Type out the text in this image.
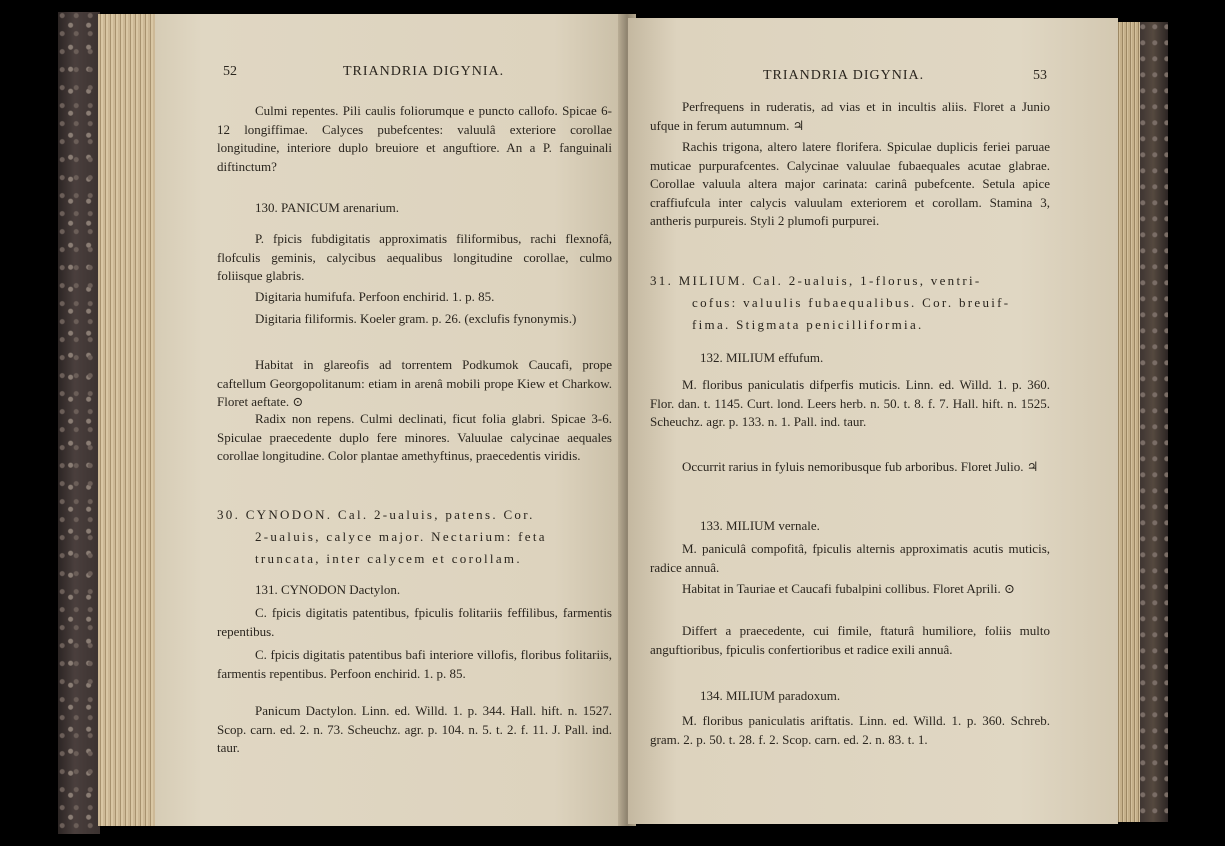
52	TRIANDRIA DIGYNIA.

Culmi repentes. Pili caulis foliorumque e puncto callofo. Spicae 6-12 longiffimae. Calyces pubefcentes: valuulâ exteriore corollae longitudine, interiore duplo breuiore et anguftiore. An a P. fanguinali diftinctum?

130. PANICUM arenarium.

P. fpicis fubdigitatis approximatis filiformibus, rachi flexnofâ, flofculis geminis, calycibus aequalibus longitudine corollae, culmo foliisque glabris.

Digitaria humifufa. Perfoon enchirid. 1. p. 85.

Digitaria filiformis. Koeler gram. p. 26. (exclufis fynonymis.)

Habitat in glareofis ad torrentem Podkumok Caucafi, prope caftellum Georgopolitanum: etiam in arenâ mobili prope Kiew et Charkow. Floret aeftate. ⊙

Radix non repens. Culmi declinati, ficut folia glabri. Spicae 3-6. Spiculae praecedente duplo fere minores. Valuulae calycinae aequales corollae longitudine. Color plantae amethyftinus, praecedentis viridis.

30. CYNODON. Cal. 2-ualuis, patens. Cor.
2-ualuis, calyce major. Nectarium: feta
truncata, inter calycem et corollam.

131. CYNODON Dactylon.

C. fpicis digitatis patentibus, fpiculis folitariis feffilibus, farmentis repentibus.

C. fpicis digitatis patentibus bafi interiore villofis, floribus folitariis, farmentis repentibus. Perfoon enchirid. 1. p. 85.

Panicum Dactylon. Linn. ed. Willd. 1. p. 344. Hall. hift. n. 1527. Scop. carn. ed. 2. n. 73. Scheuchz. agr. p. 104. n. 5. t. 2. f. 11. J. Pall. ind. taur.

TRIANDRIA DIGYNIA.	53

Perfrequens in ruderatis, ad vias et in incultis aliis. Floret a Junio ufque in ferum autumnum. ♃

Rachis trigona, altero latere florifera. Spiculae duplicis feriei paruae muticae purpurafcentes. Calycinae valuulae fubaequales acutae glabrae. Corollae valuula altera major carinata: carinâ pubefcente. Setula apice craffiufcula inter calycis valuulam exteriorem et corollam. Stamina 3, antheris purpureis. Styli 2 plumofi purpurei.

31. MILIUM. Cal. 2-ualuis, 1-florus, ventri-
cofus: valuulis fubaequalibus. Cor. breuif-
fima. Stigmata penicilliformia.

132. MILIUM effufum.

M. floribus paniculatis difperfis muticis. Linn. ed. Willd. 1. p. 360. Flor. dan. t. 1145. Curt. lond. Leers herb. n. 50. t. 8. f. 7. Hall. hift. n. 1525. Scheuchz. agr. p. 133. n. 1. Pall. ind. taur.

Occurrit rarius in fyluis nemoribusque fub arboribus. Floret Julio. ♃

133. MILIUM vernale.

M. paniculâ compofitâ, fpiculis alternis approximatis acutis muticis, radice annuâ.

Habitat in Tauriae et Caucafi fubalpini collibus. Floret Aprili. ⊙

Differt a praecedente, cui fimile, ftaturâ humiliore, foliis multo anguftioribus, fpiculis confertioribus et radice exili annuâ.

134. MILIUM paradoxum.

M. floribus paniculatis ariftatis. Linn. ed. Willd. 1. p. 360. Schreb. gram. 2. p. 50. t. 28. f. 2. Scop. carn. ed. 2. n. 83. t. 1.
